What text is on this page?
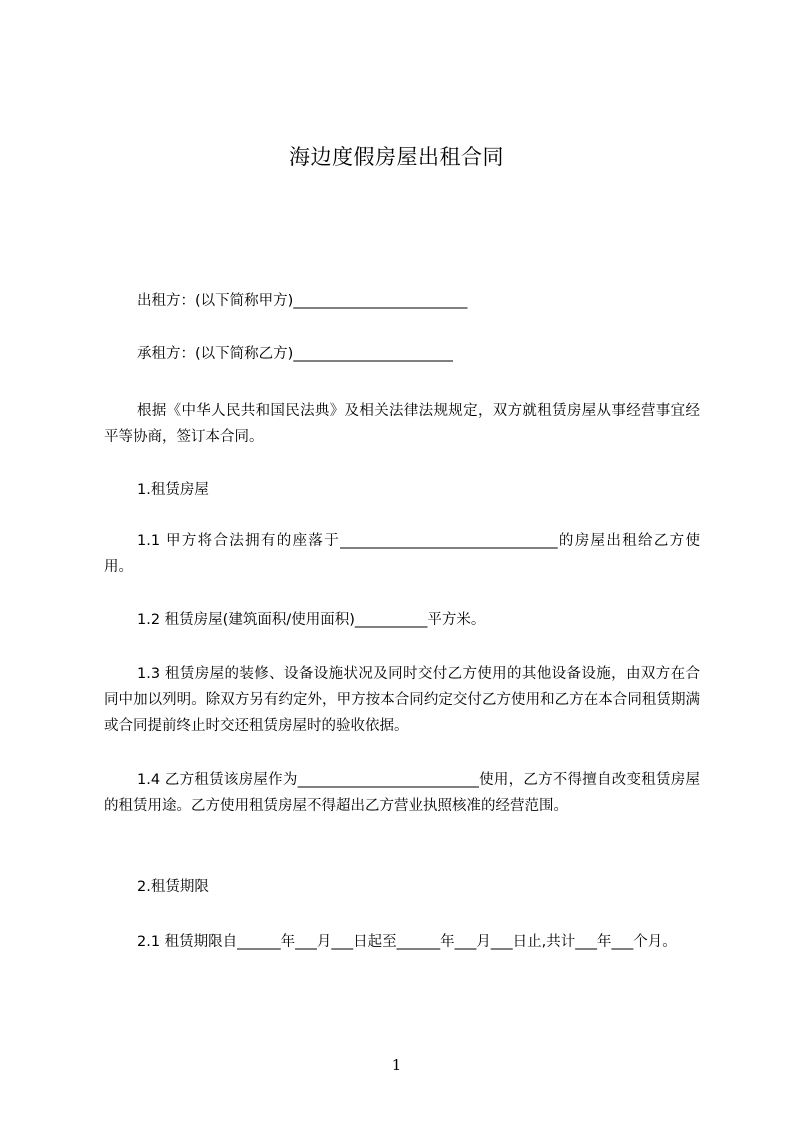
海边度假房屋出租合同

出租方：(以下简称甲方)________________________

承租方：(以下简称乙方)______________________

根据《中华人民共和国民法典》及相关法律法规规定，双方就租赁房屋从事经营事宜经平等协商，签订本合同。

1.租赁房屋

1.1 甲方将合法拥有的座落于______________________________的房屋出租给乙方使用。

1.2 租赁房屋(建筑面积/使用面积)__________平方米。

1.3 租赁房屋的装修、设备设施状况及同时交付乙方使用的其他设备设施，由双方在合同中加以列明。除双方另有约定外，甲方按本合同约定交付乙方使用和乙方在本合同租赁期满或合同提前终止时交还租赁房屋时的验收依据。

1.4 乙方租赁该房屋作为_________________________使用，乙方不得擅自改变租赁房屋的租赁用途。乙方使用租赁房屋不得超出乙方营业执照核准的经营范围。

2.租赁期限

2.1 租赁期限自______年___月___日起至______年___月___日止,共计___年___个月。

1
